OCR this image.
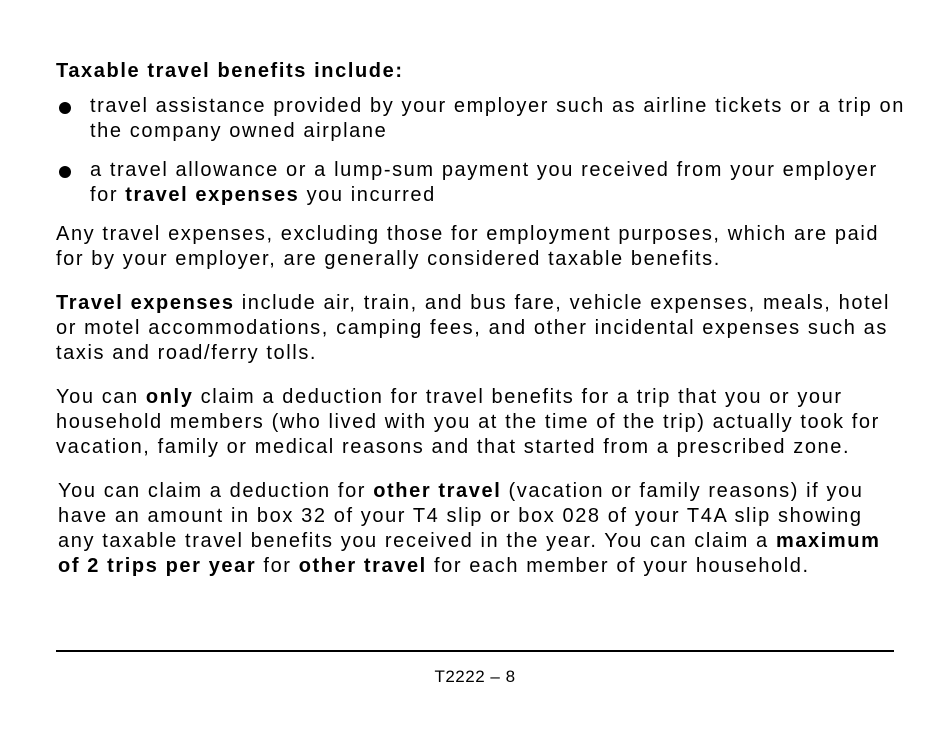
Taxable travel benefits include:
travel assistance provided by your employer such as airline tickets or a trip on the company owned airplane
a travel allowance or a lump-sum payment you received from your employer for travel expenses you incurred

Any travel expenses, excluding those for employment purposes, which are paid for by your employer, are generally considered taxable benefits.

Travel expenses include air, train, and bus fare, vehicle expenses, meals, hotel or motel accommodations, camping fees, and other incidental expenses such as taxis and road/ferry tolls.

You can only claim a deduction for travel benefits for a trip that you or your household members (who lived with you at the time of the trip) actually took for vacation, family or medical reasons and that started from a prescribed zone.

You can claim a deduction for other travel (vacation or family reasons) if you have an amount in box 32 of your T4 slip or box 028 of your T4A slip showing any taxable travel benefits you received in the year. You can claim a maximum of 2 trips per year for other travel for each member of your household.

T2222 – 8
